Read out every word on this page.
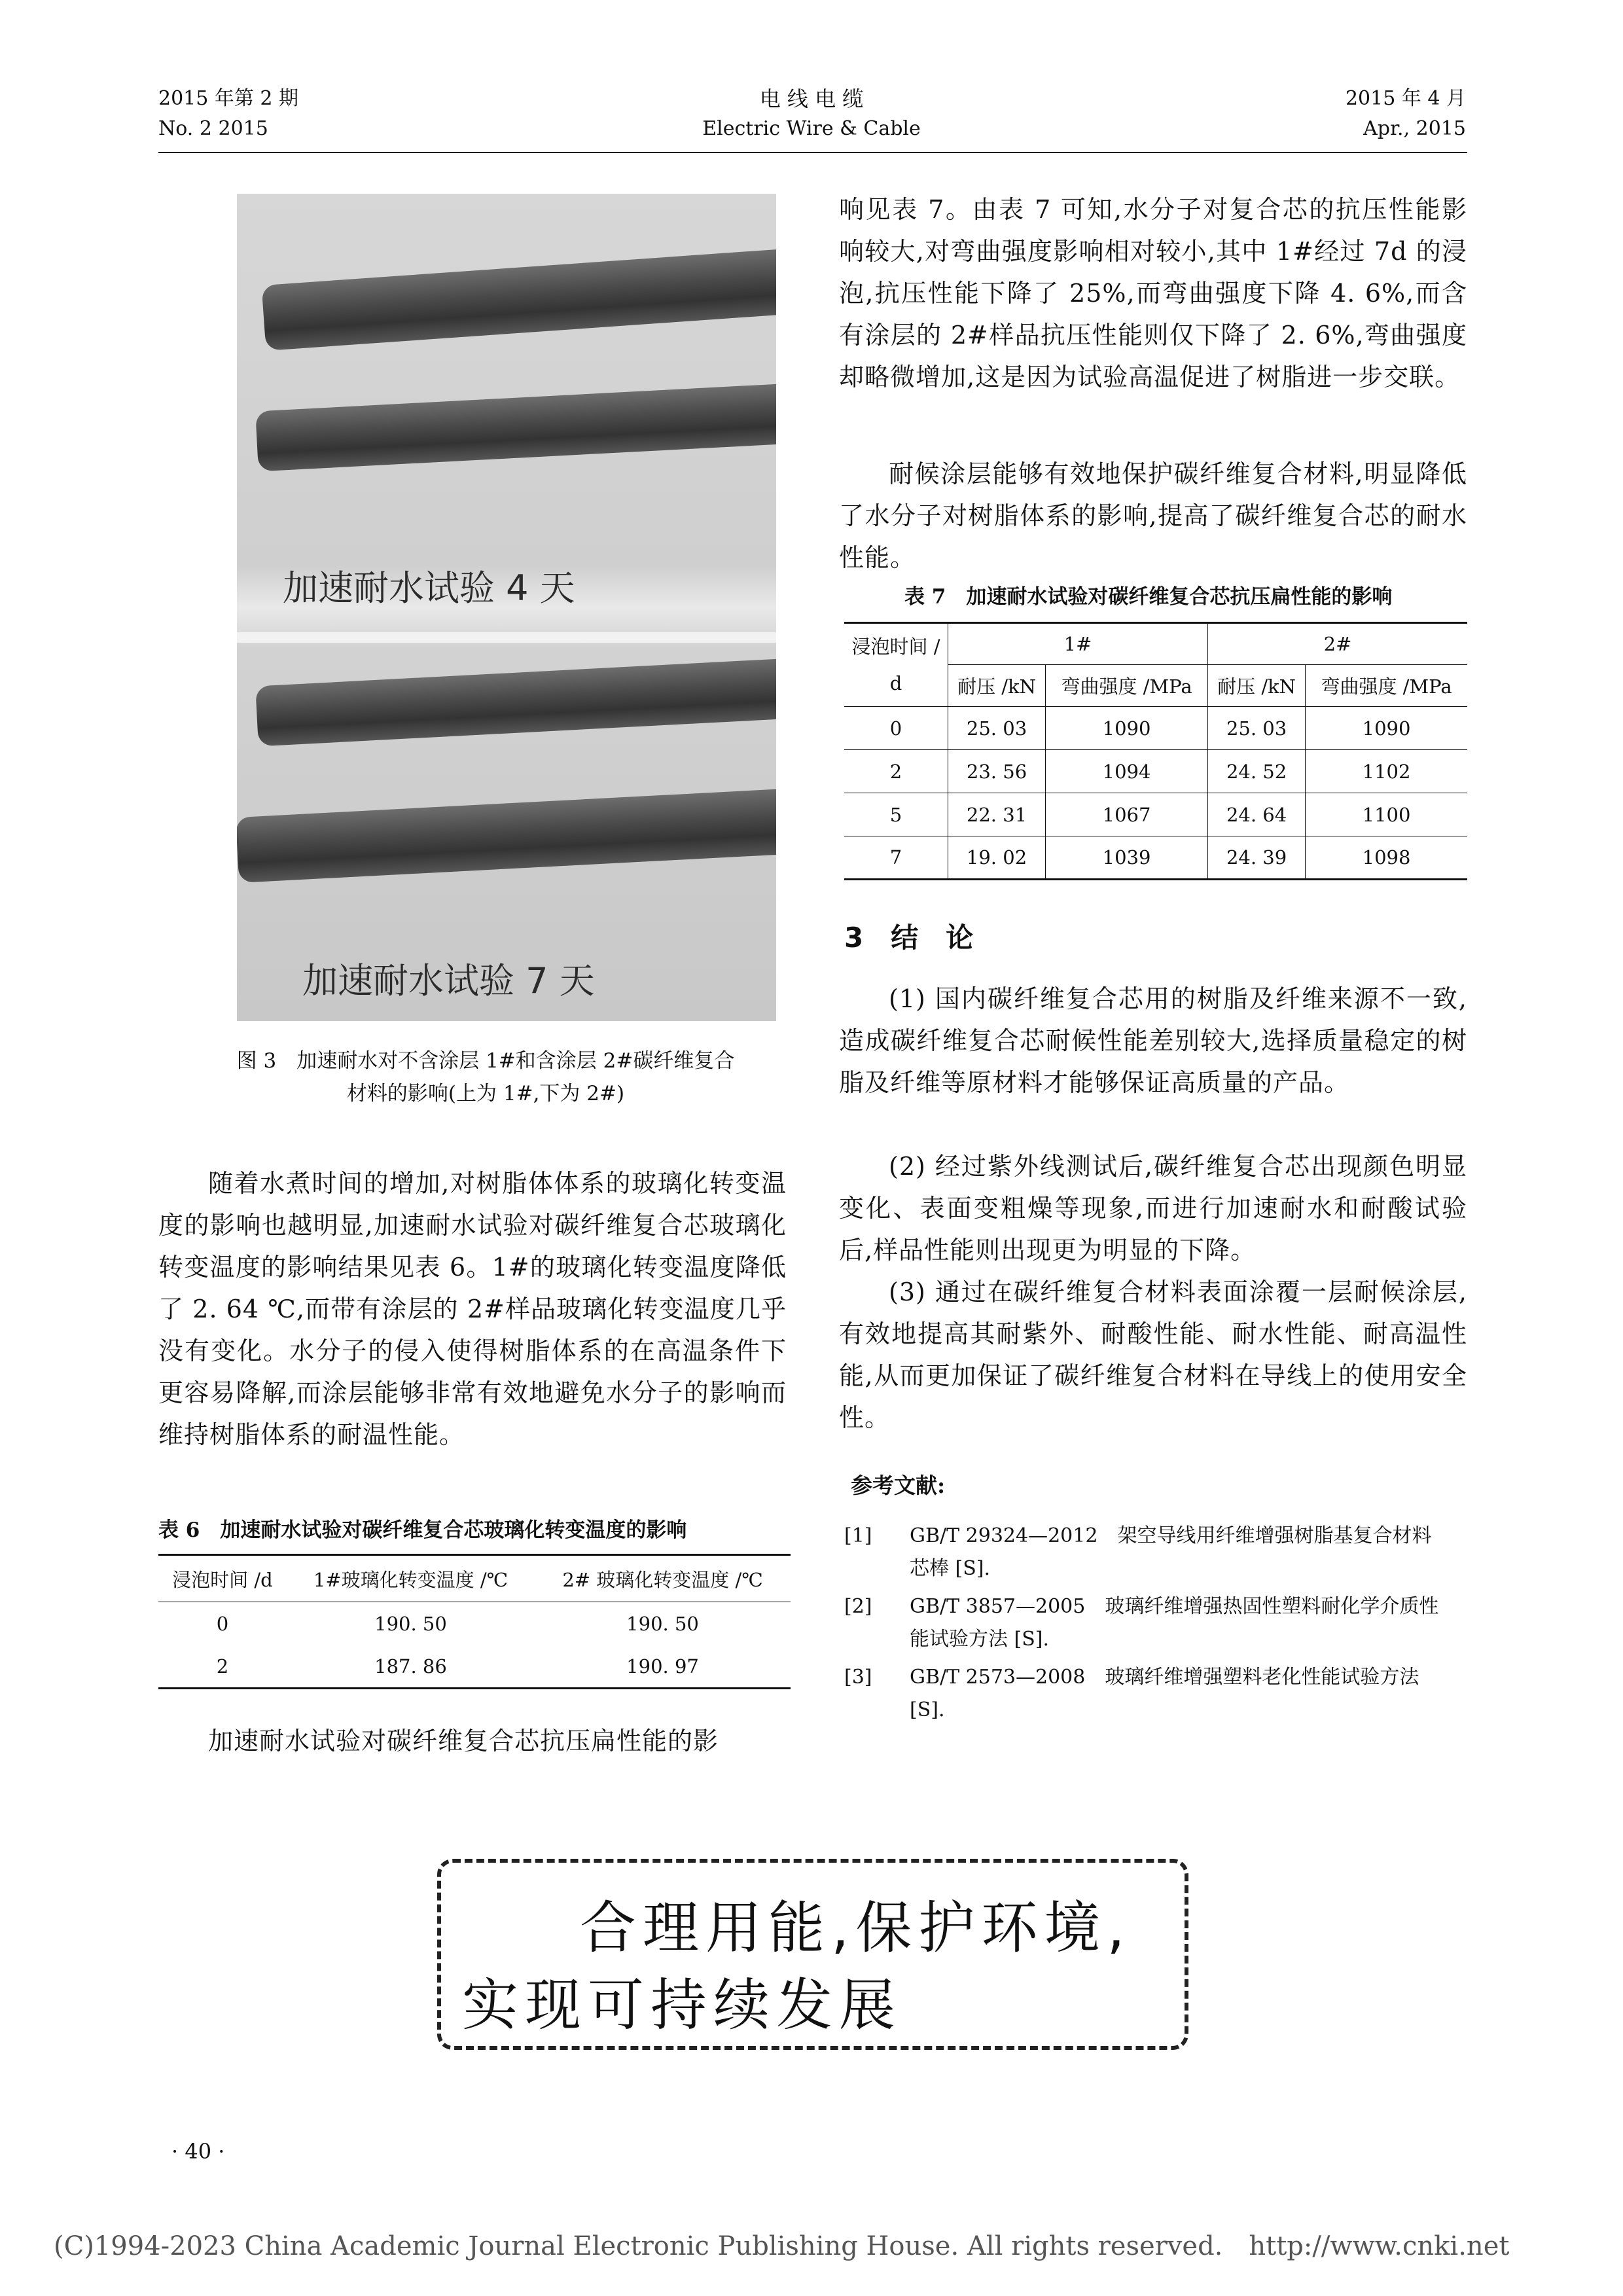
2015 年第 2 期
No. 2 2015
电 线 电 缆
Electric Wire & Cable
2015 年 4 月
Apr., 2015
加速耐水试验 4 天
加速耐水试验 7 天
图 3　加速耐水对不含涂层 1#和含涂层 2#碳纤维复合
材料的影响(上为 1#,下为 2#)
随着水煮时间的增加,对树脂体体系的玻璃化转变温度的影响也越明显,加速耐水试验对碳纤维复合芯玻璃化转变温度的影响结果见表 6。1#的玻璃化转变温度降低了 2. 64 ℃,而带有涂层的 2#样品玻璃化转变温度几乎没有变化。水分子的侵入使得树脂体系的在高温条件下更容易降解,而涂层能够非常有效地避免水分子的影响而维持树脂体系的耐温性能。
表 6　加速耐水试验对碳纤维复合芯玻璃化转变温度的影响
浸泡时间 /d	1#玻璃化转变温度 /℃	2# 玻璃化转变温度 /℃
0	190. 50	190. 50
2	187. 86	190. 97
加速耐水试验对碳纤维复合芯抗压扁性能的影
响见表 7。由表 7 可知,水分子对复合芯的抗压性能影响较大,对弯曲强度影响相对较小,其中 1#经过 7d 的浸泡,抗压性能下降了 25%,而弯曲强度下降 4. 6%,而含有涂层的 2#样品抗压性能则仅下降了 2. 6%,弯曲强度却略微增加,这是因为试验高温促进了树脂进一步交联。
耐候涂层能够有效地保护碳纤维复合材料,明显降低了水分子对树脂体系的影响,提高了碳纤维复合芯的耐水性能。
表 7　加速耐水试验对碳纤维复合芯抗压扁性能的影响
浸泡时间 /
d	1#		2#	
	耐压 /kN	弯曲强度 /MPa	耐压 /kN	弯曲强度 /MPa
0	25. 03	1090	25. 03	1090
2	23. 56	1094	24. 52	1102
5	22. 31	1067	24. 64	1100
7	19. 02	1039	24. 39	1098
3　结　论
(1) 国内碳纤维复合芯用的树脂及纤维来源不一致,造成碳纤维复合芯耐候性能差别较大,选择质量稳定的树脂及纤维等原材料才能够保证高质量的产品。
(2) 经过紫外线测试后,碳纤维复合芯出现颜色明显变化、表面变粗燥等现象,而进行加速耐水和耐酸试验后,样品性能则出现更为明显的下降。
(3) 通过在碳纤维复合材料表面涂覆一层耐候涂层,有效地提高其耐紫外、耐酸性能、耐水性能、耐高温性能,从而更加保证了碳纤维复合材料在导线上的使用安全性。
参考文献:
[1]	GB/T 29324—2012　架空导线用纤维增强树脂基复合材料
芯棒 [S].
[2]	GB/T 3857—2005　玻璃纤维增强热固性塑料耐化学介质性
能试验方法 [S].
[3]	GB/T 2573—2008　玻璃纤维增强塑料老化性能试验方法
[S].
合理用能,保护环境,
实现可持续发展
· 40 ·
(C)1994-2023 China Academic Journal Electronic Publishing House. All rights reserved.　http://www.cnki.net
